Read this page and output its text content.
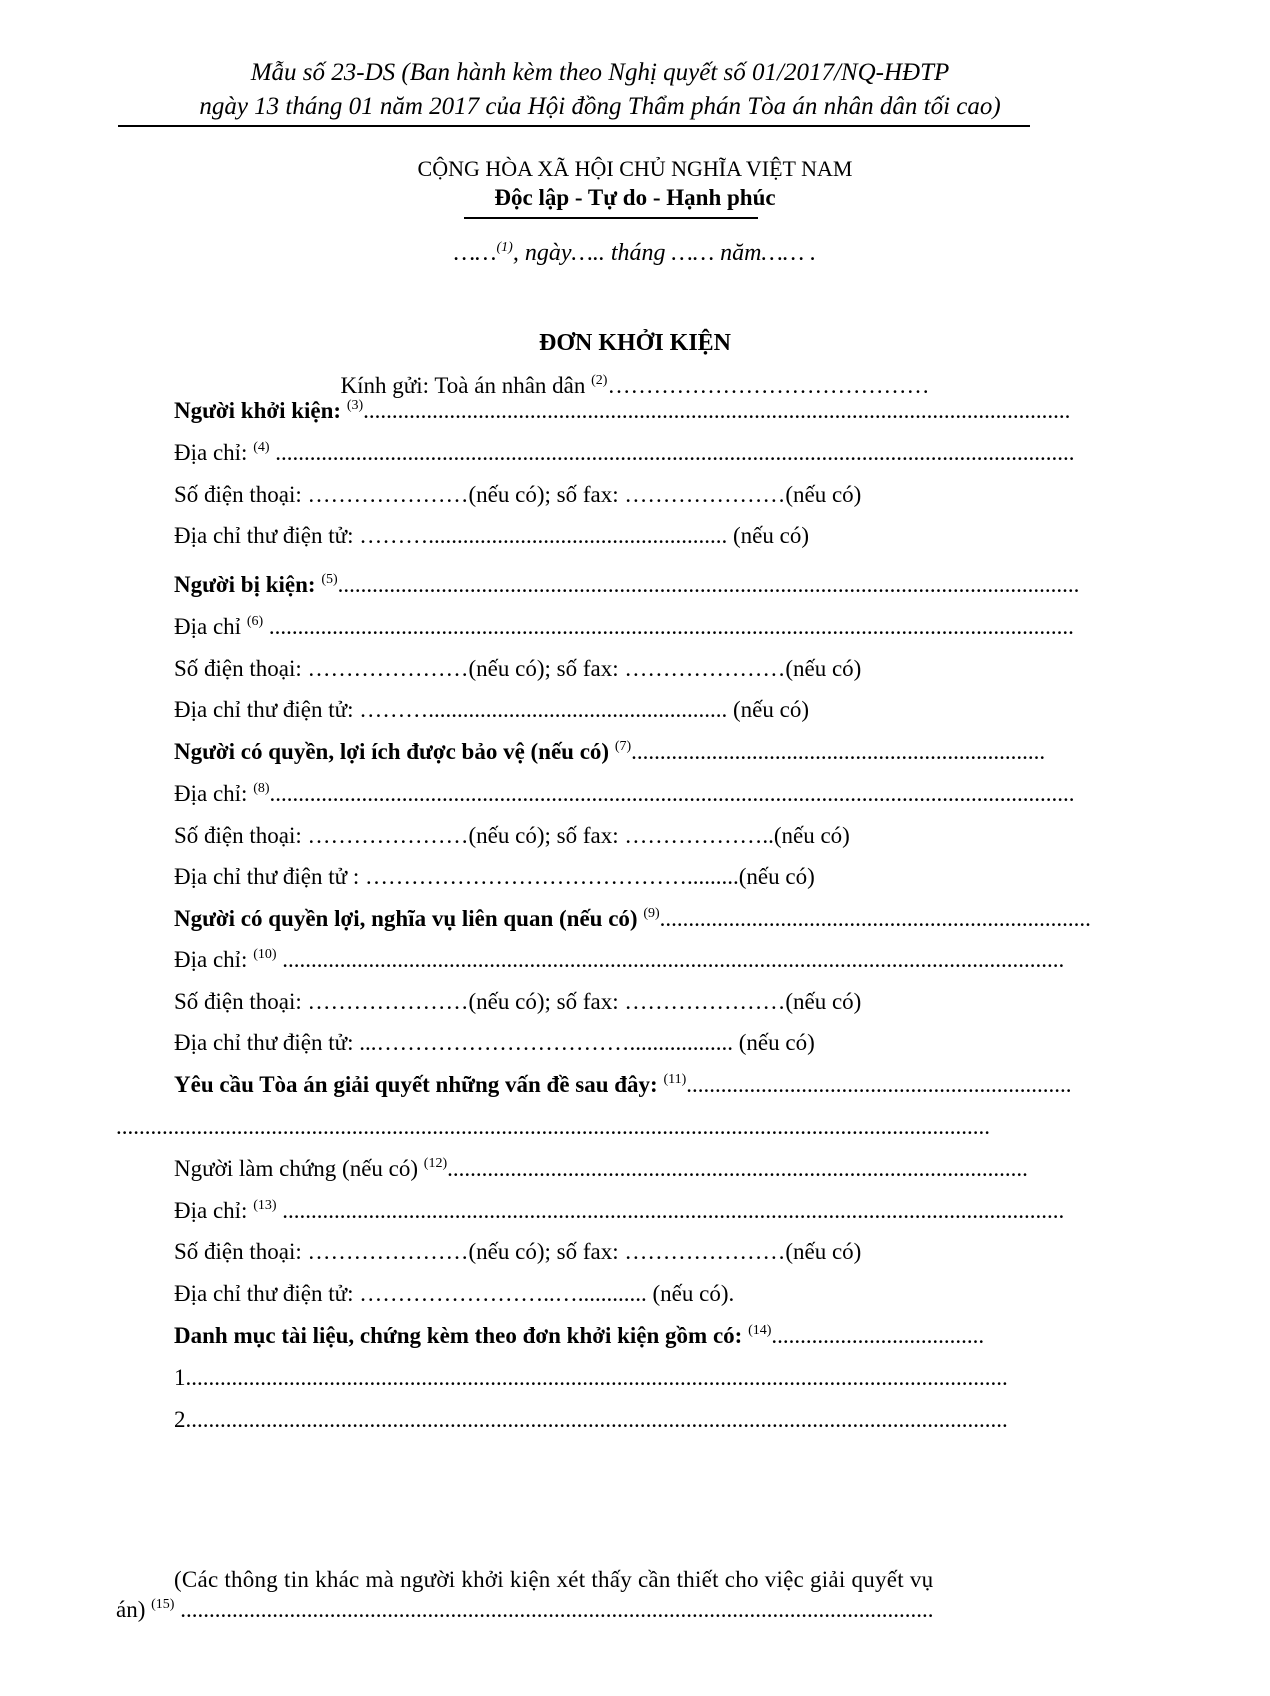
Mẫu số 23-DS (Ban hành kèm theo Nghị quyết số 01/2017/NQ-HĐTP
ngày 13 tháng 01 năm 2017 của Hội đồng Thẩm phán Tòa án nhân dân tối cao)
CỘNG HÒA XÃ HỘI CHỦ NGHĨA VIỆT NAM
Độc lập - Tự do - Hạnh phúc
……$^{(1)}$, ngày….. tháng …… năm…… .
ĐƠN KHỞI KIỆN
Kính gửi: Toà án nhân dân $^{(2)}$……………………………………
Người khởi kiện: $^{(3)}$...........................................................................................................................
Địa chỉ: $^{(4)}$ ...........................................................................................................................................
Số điện thoại: …………………(nếu có); số fax: …………………(nếu có)
Địa chỉ thư điện tử: ……….................................................... (nếu có)
Người bị kiện: $^{(5)}$.................................................................................................................................
Địa chỉ $^{(6)}$ ............................................................................................................................................
Số điện thoại: …………………(nếu có); số fax: …………………(nếu có)
Địa chỉ thư điện tử: ……….................................................... (nếu có)
Người có quyền, lợi ích được bảo vệ (nếu có) $^{(7)}$........................................................................
Địa chỉ: $^{(8)}$............................................................................................................................................
Số điện thoại: …………………(nếu có); số fax: ………………..(nếu có)
Địa chỉ thư điện tử : …………………………………….........(nếu có)
Người có quyền lợi, nghĩa vụ liên quan (nếu có) $^{(9)}$...........................................................................
Địa chỉ: $^{(10)}$ ........................................................................................................................................
Số điện thoại: …………………(nếu có); số fax: …………………(nếu có)
Địa chỉ thư điện tử: ...…………………………….................. (nếu có)
Yêu cầu Tòa án giải quyết những vấn đề sau đây: $^{(11)}$...................................................................
........................................................................................................................................................
Người làm chứng (nếu có) $^{(12)}$.....................................................................................................
Địa chỉ: $^{(13)}$ ........................................................................................................................................
Số điện thoại: …………………(nếu có); số fax: …………………(nếu có)
Địa chỉ thư điện tử: ……………………..…............ (nếu có).
Danh mục tài liệu, chứng kèm theo đơn khởi kiện gồm có: $^{(14)}$.....................................
1...............................................................................................................................................
2...............................................................................................................................................
(Các thông tin khác mà người khởi kiện xét thấy cần thiết cho việc giải quyết vụ
án) $^{(15)}$ ...................................................................................................................................
